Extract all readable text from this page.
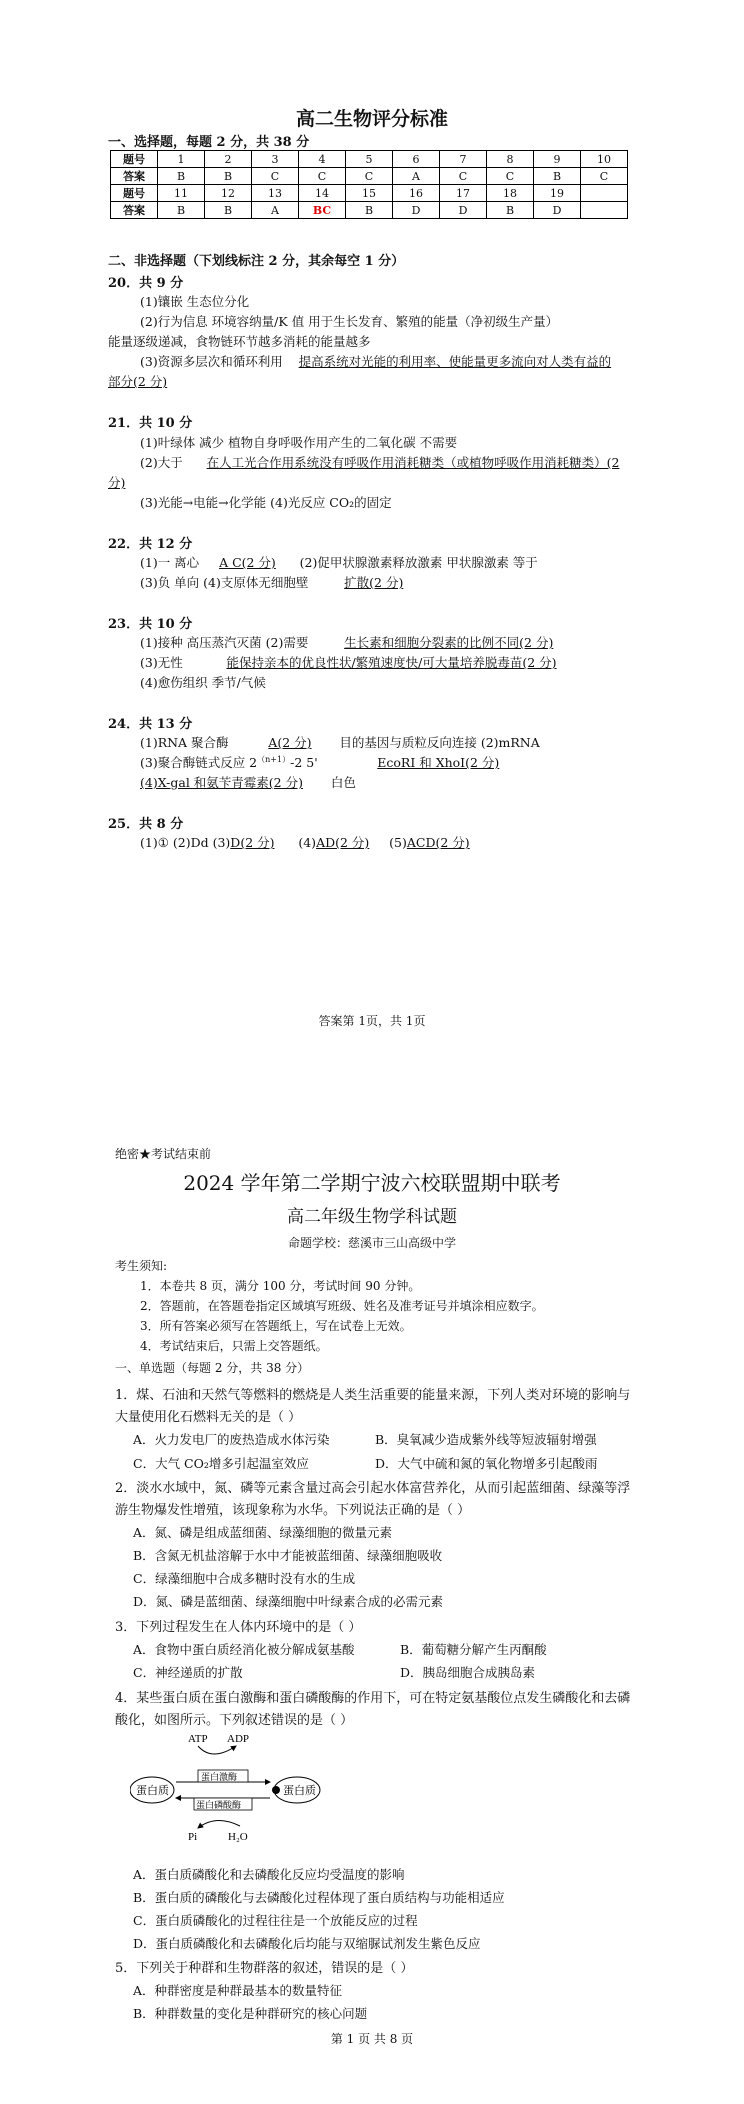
高二生物评分标准
一、选择题，每题 2 分，共 38 分
题号	1	2	3	4	5	6	7	8	9	10
答案	B	B	C	C	C	A	C	C	B	C
题号	11	12	13	14	15	16	17	18	19	
答案	B	B	A	BC	B	D	D	B	D	
二、非选择题（下划线标注 2 分，其余每空 1 分）
20．共 9 分
(1)镶嵌 生态位分化
(2)行为信息 环境容纳量/K 值 用于生长发育、繁殖的能量（净初级生产量）
能量逐级递减，食物链环节越多消耗的能量越多
(3)资源多层次和循环利用 提高系统对光能的利用率、使能量更多流向对人类有益的
部分(2 分)
21．共 10 分
(1)叶绿体 减少 植物自身呼吸作用产生的二氧化碳 不需要
(2)大于 在人工光合作用系统没有呼吸作用消耗糖类（或植物呼吸作用消耗糖类）(2
分)
(3)光能→电能→化学能 (4)光反应 CO₂的固定
22．共 12 分
(1)一 离心 A C(2 分) (2)促甲状腺激素释放激素 甲状腺激素 等于
(3)负 单向 (4)支原体无细胞壁	扩散(2 分)
23．共 10 分
(1)接种 高压蒸汽灭菌 (2)需要	生长素和细胞分裂素的比例不同(2 分)
(3)无性	能保持亲本的优良性状/繁殖速度快/可大量培养脱毒苗(2 分)
(4)愈伤组织 季节/气候
24．共 13 分
(1)RNA 聚合酶	A(2 分) 目的基因与质粒反向连接 (2)mRNA
(3)聚合酶链式反应 $2^{(n+1)}-2$ 5'	EcoRI 和 XhoI(2 分)
(4)X-gal 和氨苄青霉素(2 分) 白色
25．共 8 分
(1)① (2)Dd (3)D(2 分) (4)AD(2 分) (5)ACD(2 分)
答案第 1页，共 1页
绝密★考试结束前
2024 学年第二学期宁波六校联盟期中联考
高二年级生物学科试题
命题学校：慈溪市三山高级中学
考生须知:
1．本卷共 8 页，满分 100 分，考试时间 90 分钟。
2．答题前，在答题卷指定区域填写班级、姓名及准考证号并填涂相应数字。
3．所有答案必须写在答题纸上，写在试卷上无效。
4．考试结束后，只需上交答题纸。
一、单选题（每题 2 分，共 38 分）
1．煤、石油和天然气等燃料的燃烧是人类生活重要的能量来源，下列人类对环境的影响与
大量使用化石燃料无关的是（ ）
A．火力发电厂的废热造成水体污染	B．臭氧减少造成紫外线等短波辐射增强
C．大气 CO₂增多引起温室效应	D．大气中硫和氮的氧化物增多引起酸雨
2．淡水水域中，氮、磷等元素含量过高会引起水体富营养化，从而引起蓝细菌、绿藻等浮
游生物爆发性增殖，该现象称为水华。下列说法正确的是（ ）
A．氮、磷是组成蓝细菌、绿藻细胞的微量元素
B．含氮无机盐溶解于水中才能被蓝细菌、绿藻细胞吸收
C．绿藻细胞中合成多糖时没有水的生成
D．氮、磷是蓝细菌、绿藻细胞中叶绿素合成的必需元素
3．下列过程发生在人体内环境中的是（ ）
A．食物中蛋白质经消化被分解成氨基酸	B．葡萄糖分解产生丙酮酸
C．神经递质的扩散	D．胰岛细胞合成胰岛素
4．某些蛋白质在蛋白激酶和蛋白磷酸酶的作用下，可在特定氨基酸位点发生磷酸化和去磷
酸化，如图所示。下列叙述错误的是（ ）
ATP ADP
蛋白质	蛋白质
蛋白激酶
蛋白磷酸酶
Pi	H₂O
A．蛋白质磷酸化和去磷酸化反应均受温度的影响
B．蛋白质的磷酸化与去磷酸化过程体现了蛋白质结构与功能相适应
C．蛋白质磷酸化的过程往往是一个放能反应的过程
D．蛋白质磷酸化和去磷酸化后均能与双缩脲试剂发生紫色反应
5．下列关于种群和生物群落的叙述，错误的是（ ）
A．种群密度是种群最基本的数量特征
B．种群数量的变化是种群研究的核心问题
第 1 页 共 8 页
